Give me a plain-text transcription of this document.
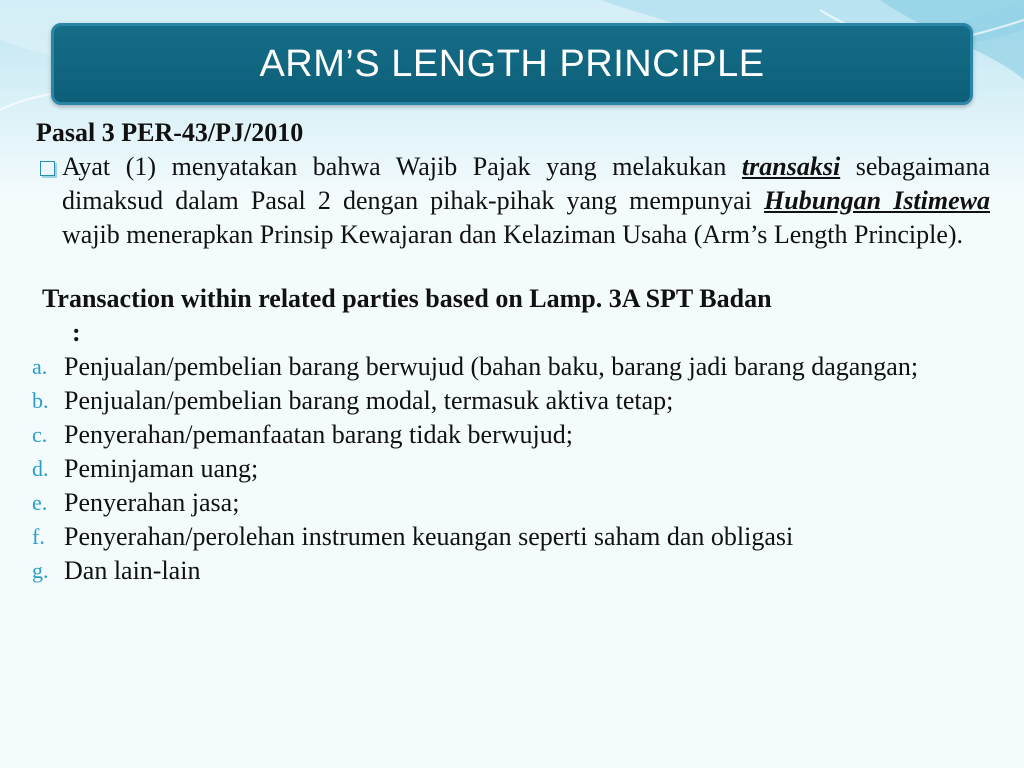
ARM’S LENGTH PRINCIPLE

Pasal 3 PER-43/PJ/2010

Ayat (1) menyatakan bahwa Wajib Pajak yang melakukan transaksi sebagaimana dimaksud dalam Pasal 2 dengan pihak-pihak yang mempunyai Hubungan Istimewa wajib menerapkan Prinsip Kewajaran dan Kelaziman Usaha (Arm’s Length Principle).

Transaction within related parties based on Lamp. 3A SPT Badan
:

a. Penjualan/pembelian barang berwujud (bahan baku, barang jadi barang dagangan;
b. Penjualan/pembelian barang modal, termasuk aktiva tetap;
c. Penyerahan/pemanfaatan barang tidak berwujud;
d. Peminjaman uang;
e. Penyerahan jasa;
f. Penyerahan/perolehan instrumen keuangan seperti saham dan obligasi
g. Dan lain-lain
